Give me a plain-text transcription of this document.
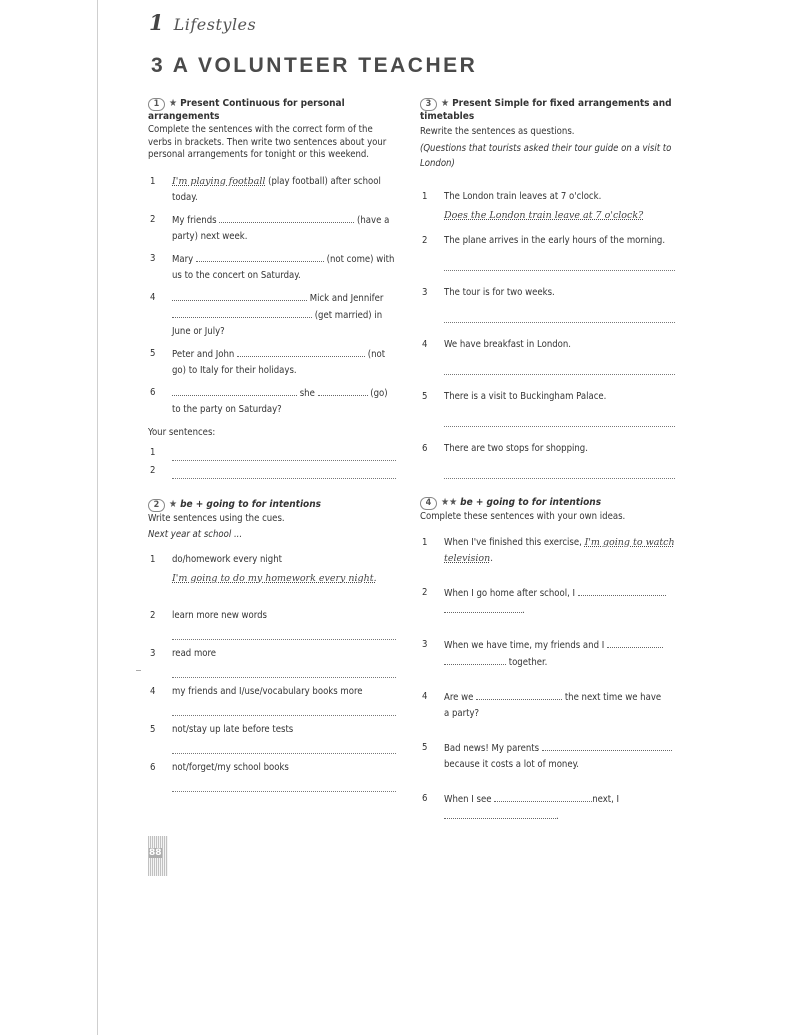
1 Lifestyles
3 A VOLUNTEER TEACHER
1 ★ Present Continuous for personal arrangements
Complete the sentences with the correct form of the verbs in brackets. Then write two sentences about your personal arrangements for tonight or this weekend.
1 I'm playing football (play football) after school today.
2 My friends	(have a party) next week.
3 Mary	(not come) with us to the concert on Saturday.
4	Mick and Jennifer  (get married) in June or July?
5 Peter and John	(not go) to Italy for their holidays.
6	she	(go) to the party on Saturday?
Your sentences:
1
2
2 ★ be + going to for intentions
Write sentences using the cues.
Next year at school ...
1 do/homework every night
I'm going to do my homework every night.
2 learn more new words
3 read more
4 my friends and I/use/vocabulary books more
5 not/stay up late before tests
6 not/forget/my school books
3 ★ Present Simple for fixed arrangements and timetables
Rewrite the sentences as questions.
(Questions that tourists asked their tour guide on a visit to London)
1 The London train leaves at 7 o'clock.
Does the London train leave at 7 o'clock?
2 The plane arrives in the early hours of the morning.
3 The tour is for two weeks.
4 We have breakfast in London.
5 There is a visit to Buckingham Palace.
6 There are two stops for shopping.
4 ★★ be + going to for intentions
Complete these sentences with your own ideas.
1 When I've finished this exercise, I'm going to watch television.
2 When I go home after school, I
.
3 When we have time, my friends and I
together.
4 Are we	the next time we have
a party?
5 Bad news! My parents
because it costs a lot of money.
6 When I see	next, I
.
88
